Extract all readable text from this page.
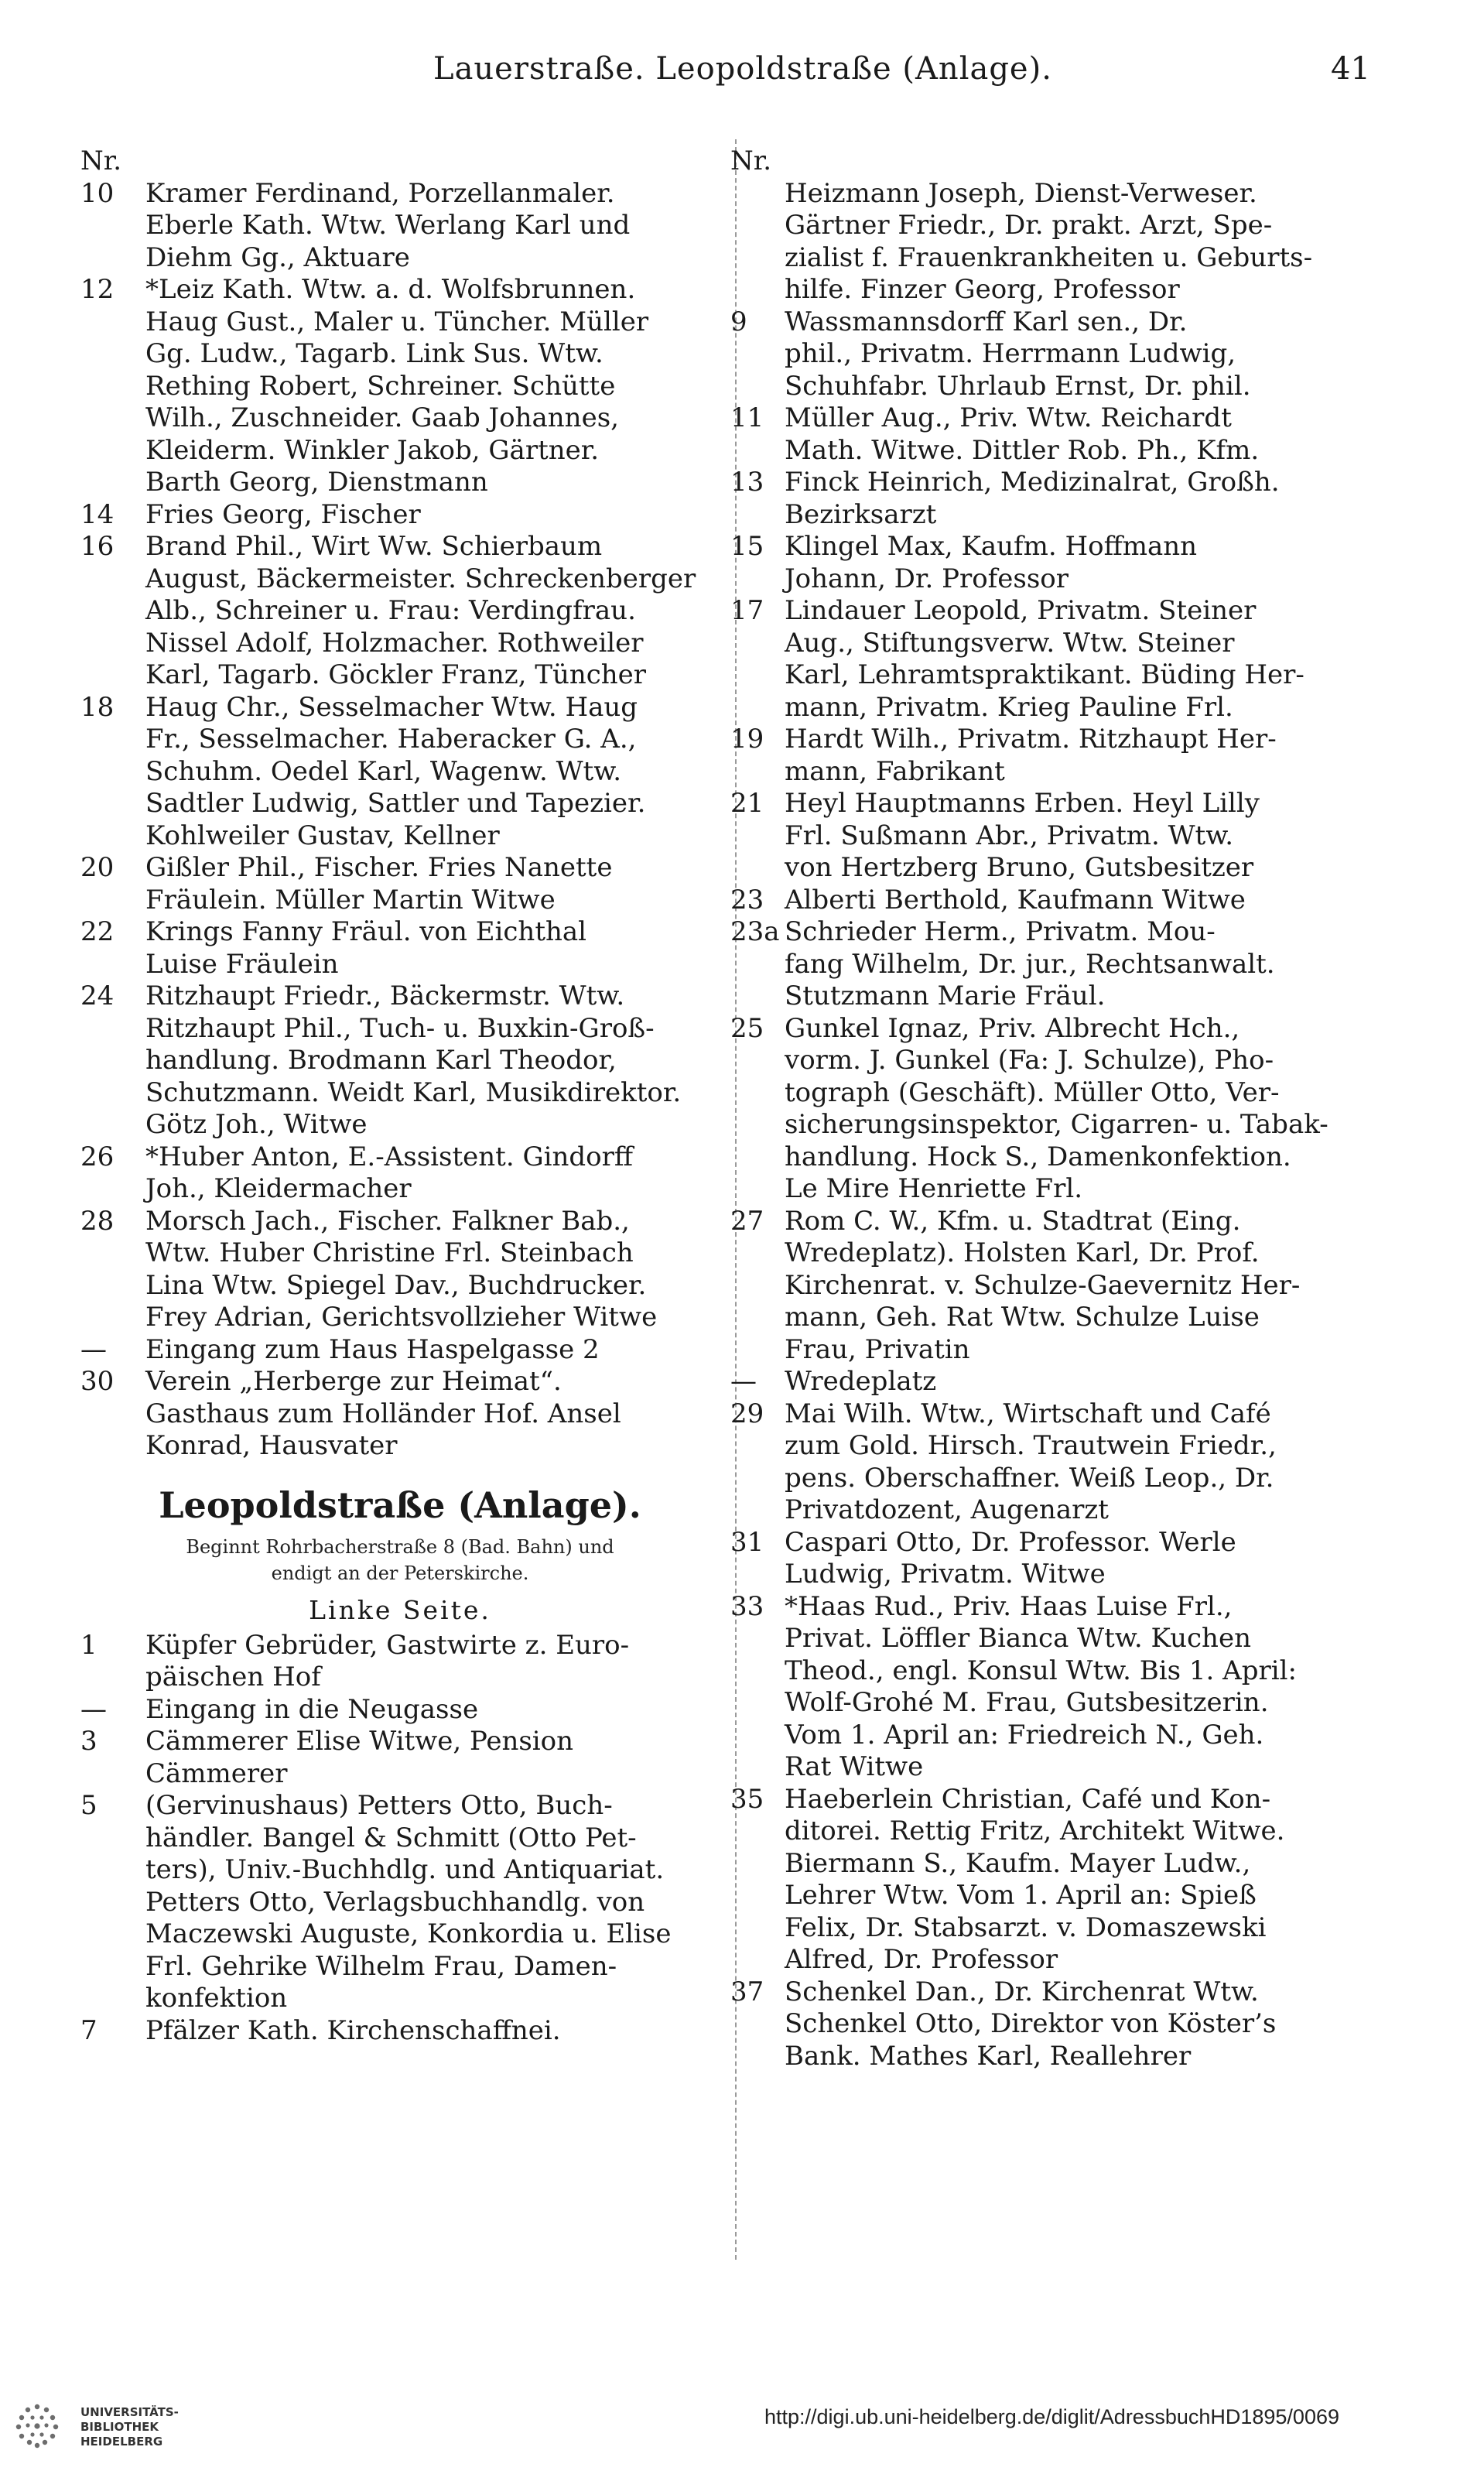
Lauerstraße. Leopoldstraße (Anlage).	41
Nr.
10	Kramer Ferdinand, Porzellanmaler.
Eberle Kath. Wtw. Werlang Karl und
Diehm Gg., Aktuare
12	*Leiz Kath. Wtw. a. d. Wolfsbrunnen.
Haug Gust., Maler u. Tüncher. Müller
Gg. Ludw., Tagarb. Link Sus. Wtw.
Rething Robert, Schreiner. Schütte
Wilh., Zuschneider. Gaab Johannes,
Kleiderm. Winkler Jakob, Gärtner.
Barth Georg, Dienstmann
14	Fries Georg, Fischer
16	Brand Phil., Wirt Ww. Schierbaum
August, Bäckermeister. Schreckenberger
Alb., Schreiner u. Frau: Verdingfrau.
Nissel Adolf, Holzmacher. Rothweiler
Karl, Tagarb. Göckler Franz, Tüncher
18	Haug Chr., Sesselmacher Wtw. Haug
Fr., Sesselmacher. Haberacker G. A.,
Schuhm. Oedel Karl, Wagenw. Wtw.
Sadtler Ludwig, Sattler und Tapezier.
Kohlweiler Gustav, Kellner
20	Gißler Phil., Fischer. Fries Nanette
Fräulein. Müller Martin Witwe
22	Krings Fanny Fräul. von Eichthal
Luise Fräulein
24	Ritzhaupt Friedr., Bäckermstr. Wtw.
Ritzhaupt Phil., Tuch- u. Buxkin-Groß-
handlung. Brodmann Karl Theodor,
Schutzmann. Weidt Karl, Musikdirektor.
Götz Joh., Witwe
26	*Huber Anton, E.-Assistent. Gindorff
Joh., Kleidermacher
28	Morsch Jach., Fischer. Falkner Bab.,
Wtw. Huber Christine Frl. Steinbach
Lina Wtw. Spiegel Dav., Buchdrucker.
Frey Adrian, Gerichtsvollzieher Witwe
—	Eingang zum Haus Haspelgasse 2
30	Verein „Herberge zur Heimat“.
Gasthaus zum Holländer Hof. Ansel
Konrad, Hausvater
Leopoldstraße (Anlage).
Beginnt Rohrbacherstraße 8 (Bad. Bahn) und
endigt an der Peterskirche.
Linke Seite.
1	Küpfer Gebrüder, Gastwirte z. Euro-
päischen Hof
—	Eingang in die Neugasse
3	Cämmerer Elise Witwe, Pension
Cämmerer
5	(Gervinushaus) Petters Otto, Buch-
händler. Bangel & Schmitt (Otto Pet-
ters), Univ.-Buchhdlg. und Antiquariat.
Petters Otto, Verlagsbuchhandlg. von
Maczewski Auguste, Konkordia u. Elise
Frl. Gehrike Wilhelm Frau, Damen-
konfektion
7	Pfälzer Kath. Kirchenschaffnei.
Nr.
Heizmann Joseph, Dienst-Verweser.
Gärtner Friedr., Dr. prakt. Arzt, Spe-
zialist f. Frauenkrankheiten u. Geburts-
hilfe. Finzer Georg, Professor
9	Wassmannsdorff Karl sen., Dr.
phil., Privatm. Herrmann Ludwig,
Schuhfabr. Uhrlaub Ernst, Dr. phil.
11 Müller Aug., Priv. Wtw. Reichardt
Math. Witwe. Dittler Rob. Ph., Kfm.
13 Finck Heinrich, Medizinalrat, Großh.
Bezirksarzt
15 Klingel Max, Kaufm. Hoffmann
Johann, Dr. Professor
17 Lindauer Leopold, Privatm. Steiner
Aug., Stiftungsverw. Wtw. Steiner
Karl, Lehramtspraktikant. Büding Her-
mann, Privatm. Krieg Pauline Frl.
19 Hardt Wilh., Privatm. Ritzhaupt Her-
mann, Fabrikant
21 Heyl Hauptmanns Erben. Heyl Lilly
Frl. Sußmann Abr., Privatm. Wtw.
von Hertzberg Bruno, Gutsbesitzer
23 Alberti Berthold, Kaufmann Witwe
23a Schrieder Herm., Privatm. Mou-
fang Wilhelm, Dr. jur., Rechtsanwalt.
Stutzmann Marie Fräul.
25 Gunkel Ignaz, Priv. Albrecht Hch.,
vorm. J. Gunkel (Fa: J. Schulze), Pho-
tograph (Geschäft). Müller Otto, Ver-
sicherungsinspektor, Cigarren- u. Tabak-
handlung. Hock S., Damenkonfektion.
Le Mire Henriette Frl.
27 Rom C. W., Kfm. u. Stadtrat (Eing.
Wredeplatz). Holsten Karl, Dr. Prof.
Kirchenrat. v. Schulze-Gaevernitz Her-
mann, Geh. Rat Wtw. Schulze Luise
Frau, Privatin
—	Wredeplatz
29 Mai Wilh. Wtw., Wirtschaft und Café
zum Gold. Hirsch. Trautwein Friedr.,
pens. Oberschaffner. Weiß Leop., Dr.
Privatdozent, Augenarzt
31 Caspari Otto, Dr. Professor. Werle
Ludwig, Privatm. Witwe
33 *Haas Rud., Priv. Haas Luise Frl.,
Privat. Löffler Bianca Wtw. Kuchen
Theod., engl. Konsul Wtw. Bis 1. April:
Wolf-Grohé M. Frau, Gutsbesitzerin.
Vom 1. April an: Friedreich N., Geh.
Rat Witwe
35 Haeberlein Christian, Café und Kon-
ditorei. Rettig Fritz, Architekt Witwe.
Biermann S., Kaufm. Mayer Ludw.,
Lehrer Wtw. Vom 1. April an: Spieß
Felix, Dr. Stabsarzt. v. Domaszewski
Alfred, Dr. Professor
37 Schenkel Dan., Dr. Kirchenrat Wtw.
Schenkel Otto, Direktor von Köster’s
Bank. Mathes Karl, Reallehrer
UNIVERSITÄTS-
BIBLIOTHEK
HEIDELBERG
http://digi.ub.uni-heidelberg.de/diglit/AdressbuchHD1895/0069
